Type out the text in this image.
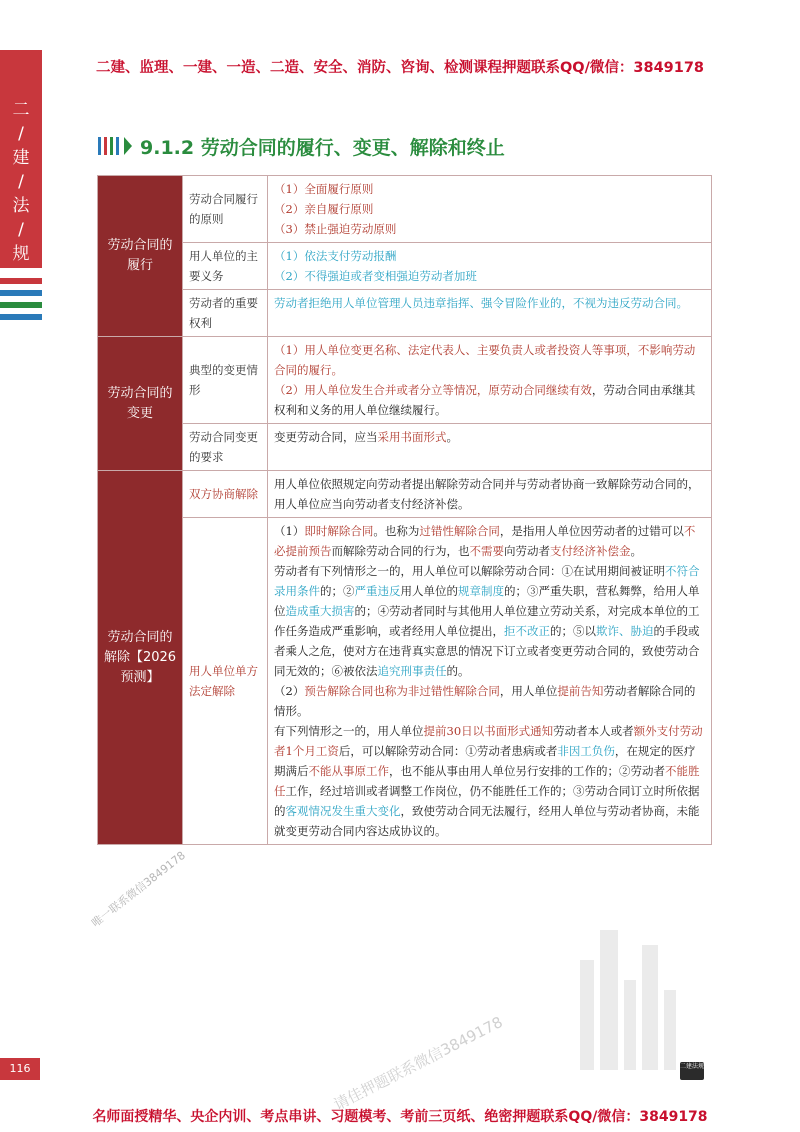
二
/
建
/
法
/
规
二建、监理、一建、一造、二造、安全、消防、咨询、检测课程押题联系QQ/微信：3849178
9.1.2 劳动合同的履行、变更、解除和终止
劳动合同的履行	劳动合同履行的原则	（1）全面履行原则
（2）亲自履行原则
（3）禁止强迫劳动原则

	用人单位的主要义务	（1）依法支付劳动报酬
（2）不得强迫或者变相强迫劳动者加班

	劳动者的重要权利	劳动者拒绝用人单位管理人员违章指挥、强令冒险作业的，不视为违反劳动合同。
劳动合同的变更	典型的变更情形	（1）用人单位变更名称、法定代表人、主要负责人或者投资人等事项，不影响劳动合同的履行。
（2）用人单位发生合并或者分立等情况，原劳动合同继续有效，劳动合同由承继其权利和义务的用人单位继续履行。

	劳动合同变更的要求	变更劳动合同，应当采用书面形式。
劳动合同的解除【2026预测】	双方协商解除	用人单位依照规定向劳动者提出解除劳动合同并与劳动者协商一致解除劳动合同的，用人单位应当向劳动者支付经济补偿。
	用人单位单方法定解除	（1）即时解除合同。也称为过错性解除合同，是指用人单位因劳动者的过错可以不必提前预告而解除劳动合同的行为，也不需要向劳动者支付经济补偿金。
劳动者有下列情形之一的，用人单位可以解除劳动合同：①在试用期间被证明不符合录用条件的；②严重违反用人单位的规章制度的；③严重失职，营私舞弊，给用人单位造成重大损害的；④劳动者同时与其他用人单位建立劳动关系，对完成本单位的工作任务造成严重影响，或者经用人单位提出，拒不改正的；⑤以欺诈、胁迫的手段或者乘人之危，使对方在违背真实意思的情况下订立或者变更劳动合同的，致使劳动合同无效的；⑥被依法追究刑事责任的。
（2）预告解除合同也称为非过错性解除合同，用人单位提前告知劳动者解除合同的情形。
有下列情形之一的，用人单位提前30日以书面形式通知劳动者本人或者额外支付劳动者1个月工资后，可以解除劳动合同：①劳动者患病或者非因工负伤，在规定的医疗期满后不能从事原工作，也不能从事由用人单位另行安排的工作的；②劳动者不能胜任工作，经过培训或者调整工作岗位，仍不能胜任工作的；③劳动合同订立时所依据的客观情况发生重大变化，致使劳动合同无法履行，经用人单位与劳动者协商，未能就变更劳动合同内容达成协议的。
唯一联系微信3849178
请佳押题联系微信3849178
116	二建法规
名师面授精华、央企内训、考点串讲、习题模考、考前三页纸、绝密押题联系QQ/微信：3849178
